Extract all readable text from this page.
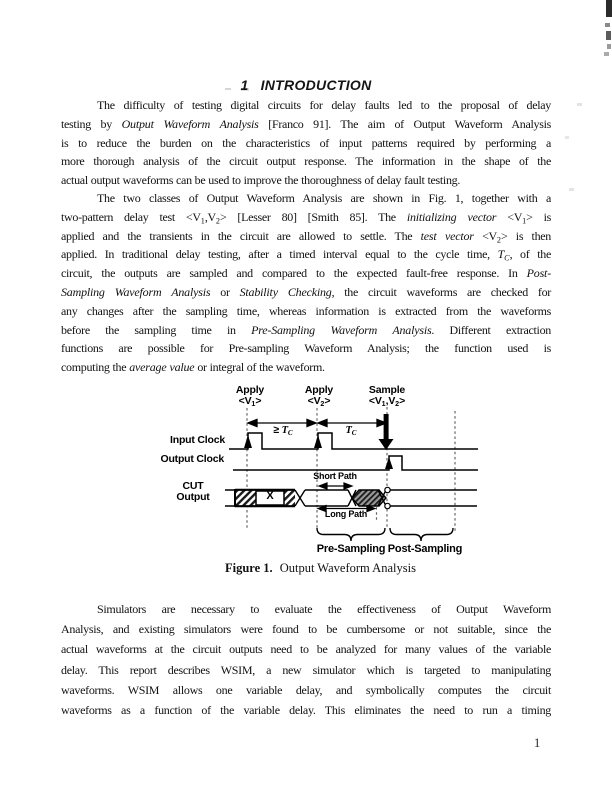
1 INTRODUCTION
The difficulty of testing digital circuits for delay faults led to the proposal of delay
testing by Output Waveform Analysis [Franco 91]. The aim of Output Waveform Analysis
is to reduce the burden on the characteristics of input patterns required by performing a
more thorough analysis of the circuit output response. The information in the shape of the
actual output waveforms can be used to improve the thoroughness of delay fault testing.
The two classes of Output Waveform Analysis are shown in Fig. 1, together with a
two-pattern delay test $<V_1,V_2>$ [Lesser 80] [Smith 85]. The initializing vector $<V_1>$ is
applied and the transients in the circuit are allowed to settle. The test vector $<V_2>$ is then
applied. In traditional delay testing, after a timed interval equal to the cycle time, $T_C$, of the
circuit, the outputs are sampled and compared to the expected fault-free response. In Post-
Sampling Waveform Analysis or Stability Checking, the circuit waveforms are checked for
any changes after the sampling time, whereas information is extracted from the waveforms
before the sampling time in Pre-Sampling Waveform Analysis. Different extraction
functions are possible for Pre-sampling Waveform Analysis; the function used is
computing the average value or integral of the waveform.
Simulators are necessary to evaluate the effectiveness of Output Waveform
Analysis, and existing simulators were found to be cumbersome or not suitable, since the
actual waveforms at the circuit outputs need to be analyzed for many values of the variable
delay. This report describes WSIM, a new simulator which is targeted to manipulating
waveforms. WSIM allows one variable delay, and symbolically computes the circuit
waveforms as a function of the variable delay. This eliminates the need to run a timing
Apply
$<V_1>$
Apply
$<V_2>$
Sample
$<V_1,V_2>$
≥ $T_C$	$T_C$
Input Clock
Output Clock
CUT
Output	X
Short Path
Long Path
Pre-Sampling Post-Sampling
Figure 1. Output Waveform Analysis
1
